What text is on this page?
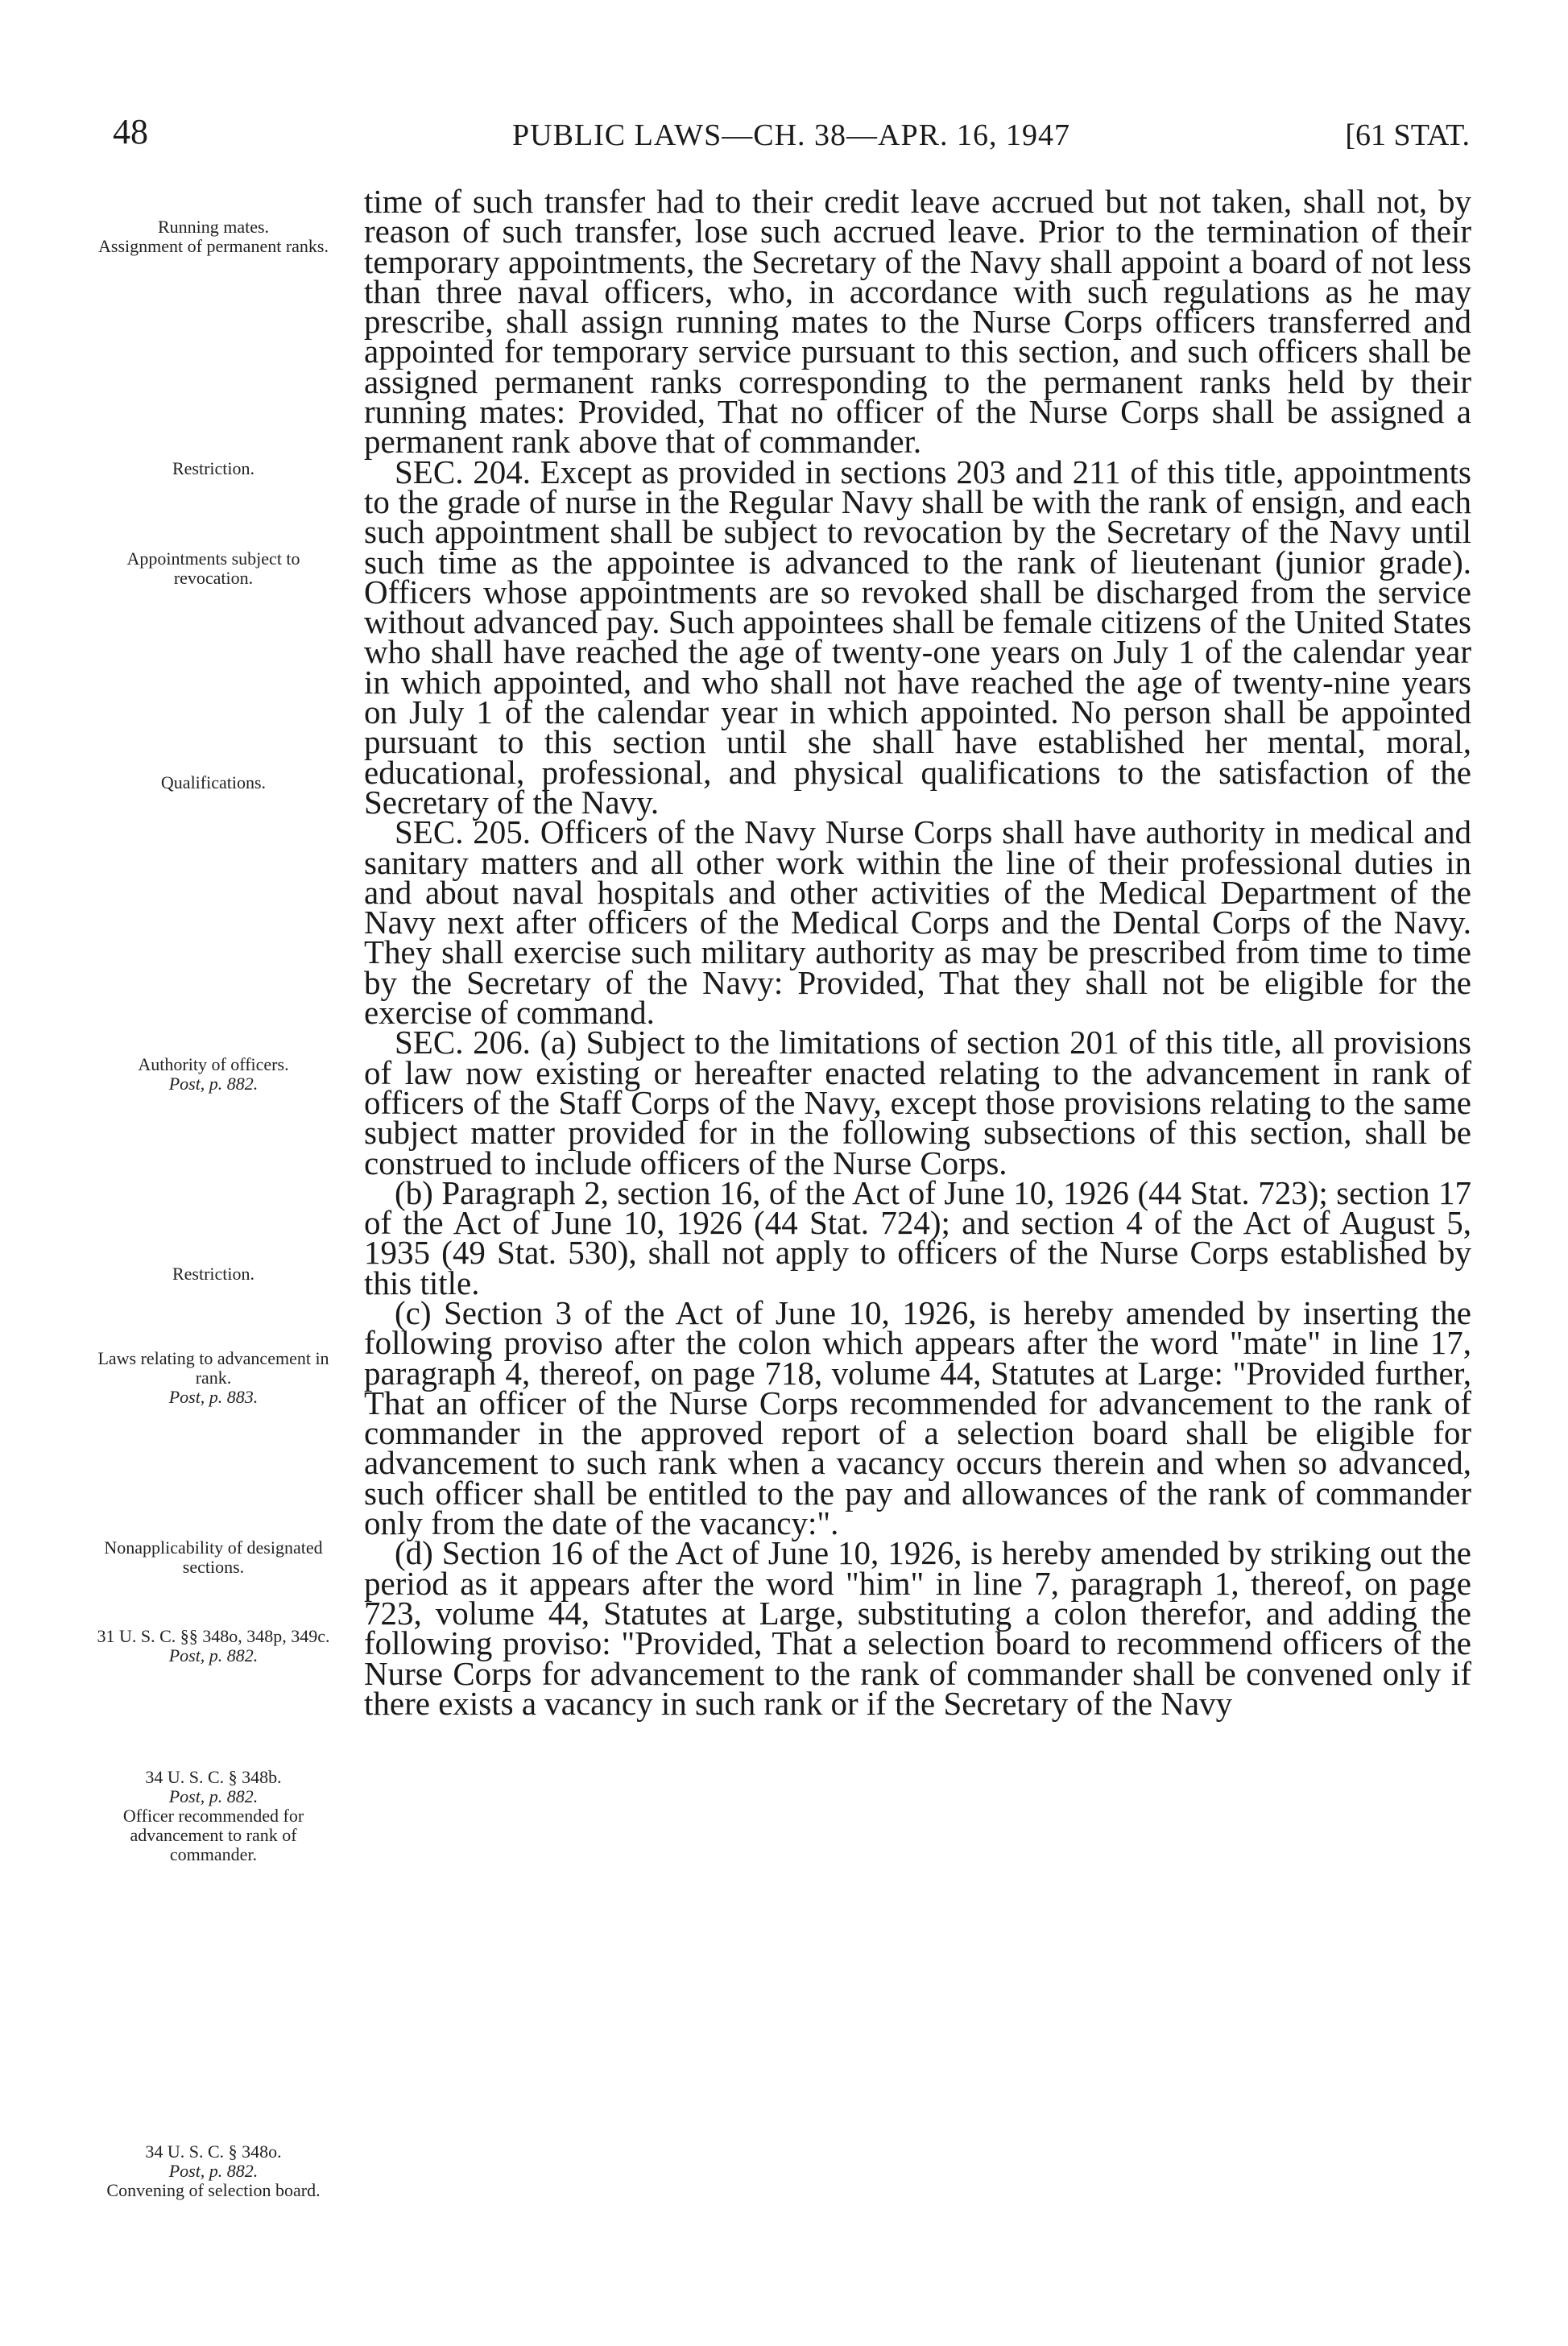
48	PUBLIC LAWS—CH. 38—APR. 16, 1947	[61 STAT.
Running mates.
Assignment of permanent ranks.
Restriction.
Appointments subject to revocation.
Qualifications.
Authority of officers.
Post, p. 882.
Restriction.
Laws relating to advancement in rank.
Post, p. 883.
Nonapplicability of designated sections.
31 U. S. C. §§ 348o, 348p, 349c.
Post, p. 882.
34 U. S. C. § 348b.
Post, p. 882.
Officer recommended for advancement to rank of commander.
34 U. S. C. § 348o.
Post, p. 882.
Convening of selection board.

time of such transfer had to their credit leave accrued but not taken, shall not, by reason of such transfer, lose such accrued leave. Prior to the termination of their temporary appointments, the Secretary of the Navy shall appoint a board of not less than three naval officers, who, in accordance with such regulations as he may prescribe, shall assign running mates to the Nurse Corps officers transferred and appointed for temporary service pursuant to this section, and such officers shall be assigned permanent ranks corresponding to the permanent ranks held by their running mates: Provided, That no officer of the Nurse Corps shall be assigned a permanent rank above that of commander.

SEC. 204. Except as provided in sections 203 and 211 of this title, appointments to the grade of nurse in the Regular Navy shall be with the rank of ensign, and each such appointment shall be subject to revocation by the Secretary of the Navy until such time as the appointee is advanced to the rank of lieutenant (junior grade). Officers whose appointments are so revoked shall be discharged from the service without advanced pay. Such appointees shall be female citizens of the United States who shall have reached the age of twenty-one years on July 1 of the calendar year in which appointed, and who shall not have reached the age of twenty-nine years on July 1 of the calendar year in which appointed. No person shall be appointed pursuant to this section until she shall have established her mental, moral, educational, professional, and physical qualifications to the satisfaction of the Secretary of the Navy.

SEC. 205. Officers of the Navy Nurse Corps shall have authority in medical and sanitary matters and all other work within the line of their professional duties in and about naval hospitals and other activities of the Medical Department of the Navy next after officers of the Medical Corps and the Dental Corps of the Navy. They shall exercise such military authority as may be prescribed from time to time by the Secretary of the Navy: Provided, That they shall not be eligible for the exercise of command.

SEC. 206. (a) Subject to the limitations of section 201 of this title, all provisions of law now existing or hereafter enacted relating to the advancement in rank of officers of the Staff Corps of the Navy, except those provisions relating to the same subject matter provided for in the following subsections of this section, shall be construed to include officers of the Nurse Corps.

(b) Paragraph 2, section 16, of the Act of June 10, 1926 (44 Stat. 723); section 17 of the Act of June 10, 1926 (44 Stat. 724); and section 4 of the Act of August 5, 1935 (49 Stat. 530), shall not apply to officers of the Nurse Corps established by this title.

(c) Section 3 of the Act of June 10, 1926, is hereby amended by inserting the following proviso after the colon which appears after the word "mate" in line 17, paragraph 4, thereof, on page 718, volume 44, Statutes at Large: "Provided further, That an officer of the Nurse Corps recommended for advancement to the rank of commander in the approved report of a selection board shall be eligible for advancement to such rank when a vacancy occurs therein and when so advanced, such officer shall be entitled to the pay and allowances of the rank of commander only from the date of the vacancy:".

(d) Section 16 of the Act of June 10, 1926, is hereby amended by striking out the period as it appears after the word "him" in line 7, paragraph 1, thereof, on page 723, volume 44, Statutes at Large, substituting a colon therefor, and adding the following proviso: "Provided, That a selection board to recommend officers of the Nurse Corps for advancement to the rank of commander shall be convened only if there exists a vacancy in such rank or if the Secretary of the Navy
